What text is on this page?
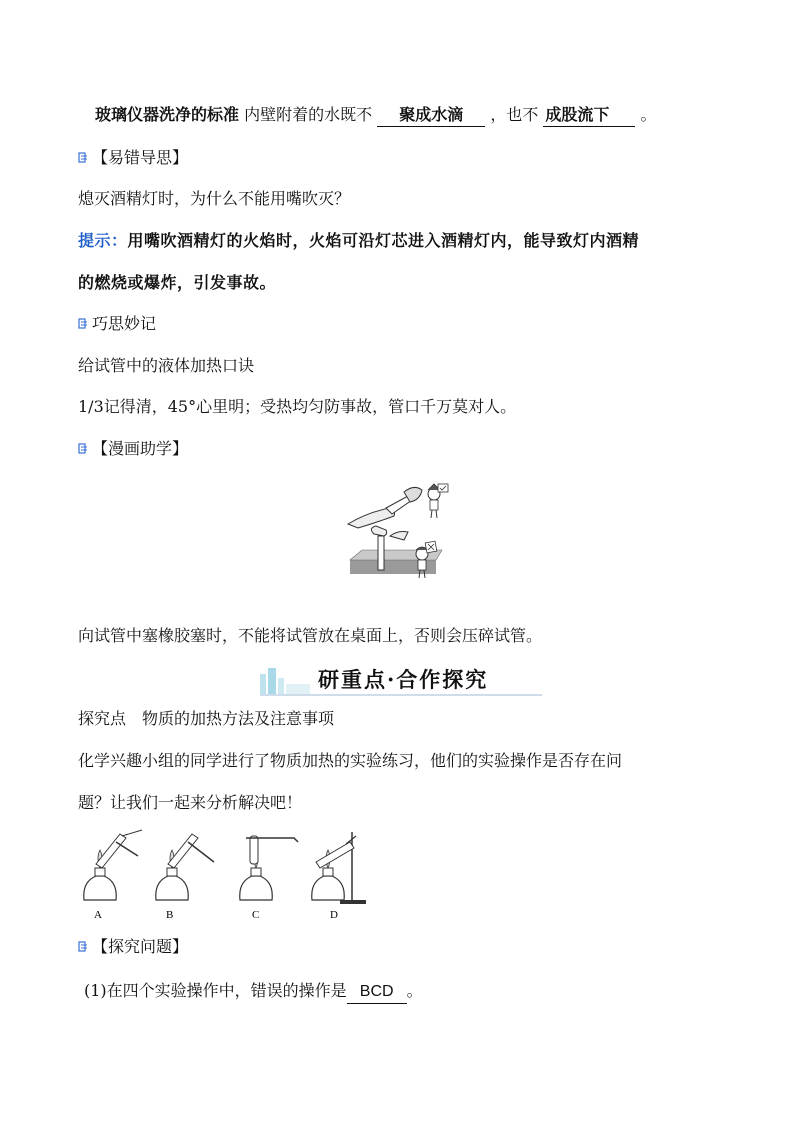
玻璃仪器洗净的标准 内壁附着的水既不 聚成水滴 ，也不 成股流下 。
【易错导思】
熄灭酒精灯时，为什么不能用嘴吹灭？
提示：用嘴吹酒精灯的火焰时，火焰可沿灯芯进入酒精灯内，能导致灯内酒精
的燃烧或爆炸，引发事故。
巧思妙记
给试管中的液体加热口诀
1/3记得清，45°心里明；受热均匀防事故，管口千万莫对人。
【漫画助学】
向试管中塞橡胶塞时，不能将试管放在桌面上，否则会压碎试管。
研重点·合作探究
探究点　物质的加热方法及注意事项
化学兴趣小组的同学进行了物质加热的实验练习，他们的实验操作是否存在问
题？让我们一起来分析解决吧！
A	B	C	D
【探究问题】
(1)在四个实验操作中，错误的操作是 BCD 。
